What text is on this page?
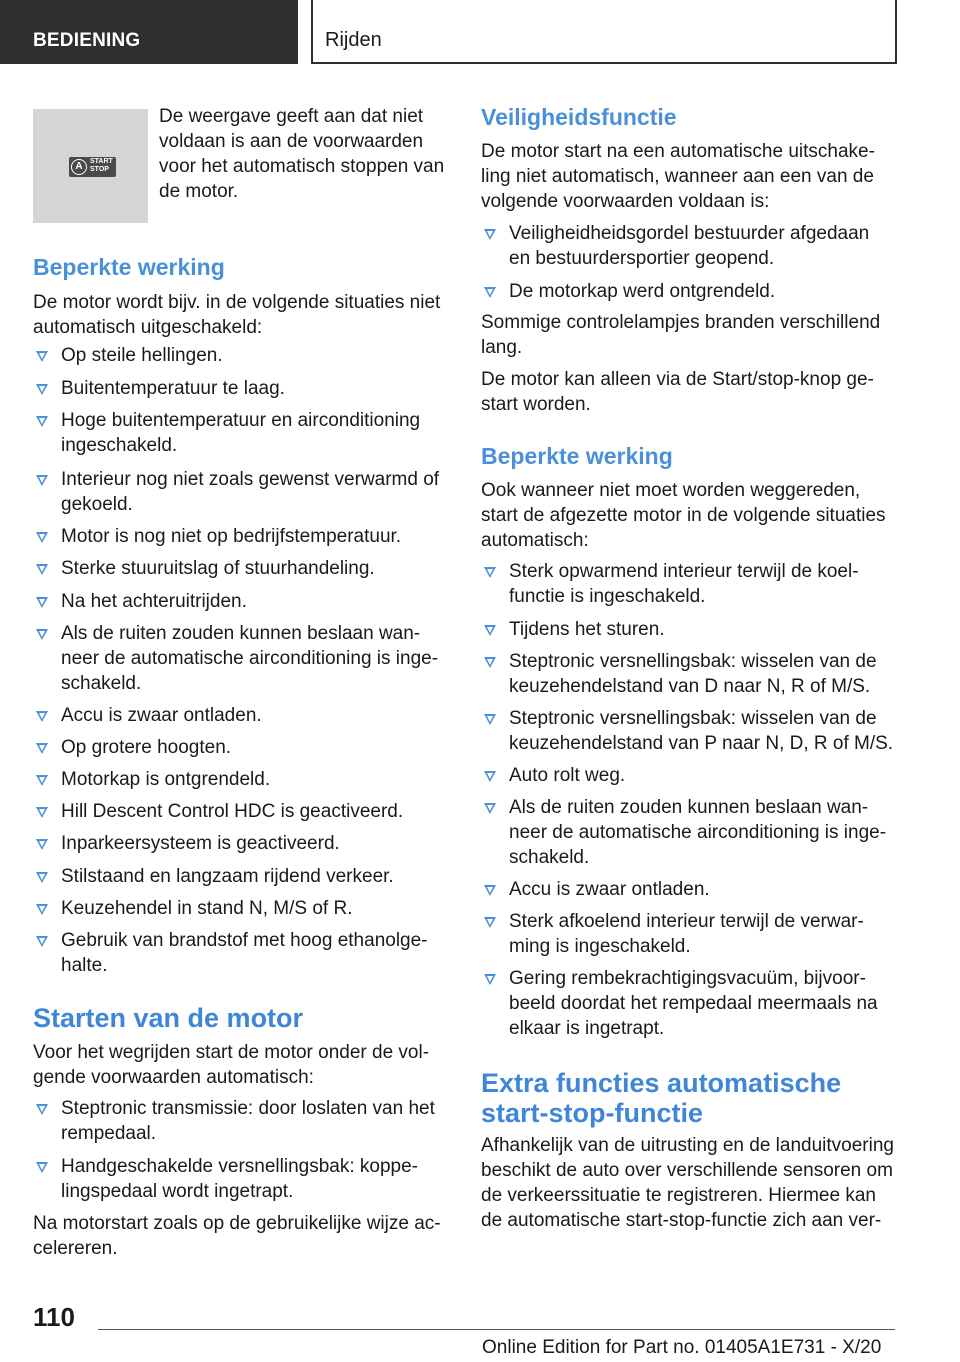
BEDIENING	Rijden
A	START
STOP
De weergave geeft aan dat niet
voldaan is aan de voorwaarden
voor het automatisch stoppen van
de motor.
Beperkte werking
De motor wordt bijv. in de volgende situaties niet
automatisch uitgeschakeld:
Op steile hellingen.
Buitentemperatuur te laag.
Hoge buitentemperatuur en airconditioning
ingeschakeld.
Interieur nog niet zoals gewenst verwarmd of
gekoeld.
Motor is nog niet op bedrijfstemperatuur.
Sterke stuuruitslag of stuurhandeling.
Na het achteruitrijden.
Als de ruiten zouden kunnen beslaan wan-
neer de automatische airconditioning is inge-
schakeld.
Accu is zwaar ontladen.
Op grotere hoogten.
Motorkap is ontgrendeld.
Hill Descent Control HDC is geactiveerd.
Inparkeersysteem is geactiveerd.
Stilstaand en langzaam rijdend verkeer.
Keuzehendel in stand N, M/S of R.
Gebruik van brandstof met hoog ethanolge-
halte.
Starten van de motor
Voor het wegrijden start de motor onder de vol-
gende voorwaarden automatisch:
Steptronic transmissie: door loslaten van het
rempedaal.
Handgeschakelde versnellingsbak: koppe-
lingspedaal wordt ingetrapt.
Na motorstart zoals op de gebruikelijke wijze ac-
celereren.
Veiligheidsfunctie
De motor start na een automatische uitschake-
ling niet automatisch, wanneer aan een van de
volgende voorwaarden voldaan is:
Veiligheidheidsgordel bestuurder afgedaan
en bestuurdersportier geopend.
De motorkap werd ontgrendeld.
Sommige controlelampjes branden verschillend
lang.
De motor kan alleen via de Start/stop-knop ge-
start worden.
Beperkte werking
Ook wanneer niet moet worden weggereden,
start de afgezette motor in de volgende situaties
automatisch:
Sterk opwarmend interieur terwijl de koel-
functie is ingeschakeld.
Tijdens het sturen.
Steptronic versnellingsbak: wisselen van de
keuzehendelstand van D naar N, R of M/S.
Steptronic versnellingsbak: wisselen van de
keuzehendelstand van P naar N, D, R of M/S.
Auto rolt weg.
Als de ruiten zouden kunnen beslaan wan-
neer de automatische airconditioning is inge-
schakeld.
Accu is zwaar ontladen.
Sterk afkoelend interieur terwijl de verwar-
ming is ingeschakeld.
Gering rembekrachtigingsvacuüm, bijvoor-
beeld doordat het rempedaal meermaals na
elkaar is ingetrapt.
Extra functies automatische
start-stop-functie
Afhankelijk van de uitrusting en de landuitvoering
beschikt de auto over verschillende sensoren om
de verkeerssituatie te registreren. Hiermee kan
de automatische start-stop-functie zich aan ver-
110
Online Edition for Part no. 01405A1E731 - X/20
